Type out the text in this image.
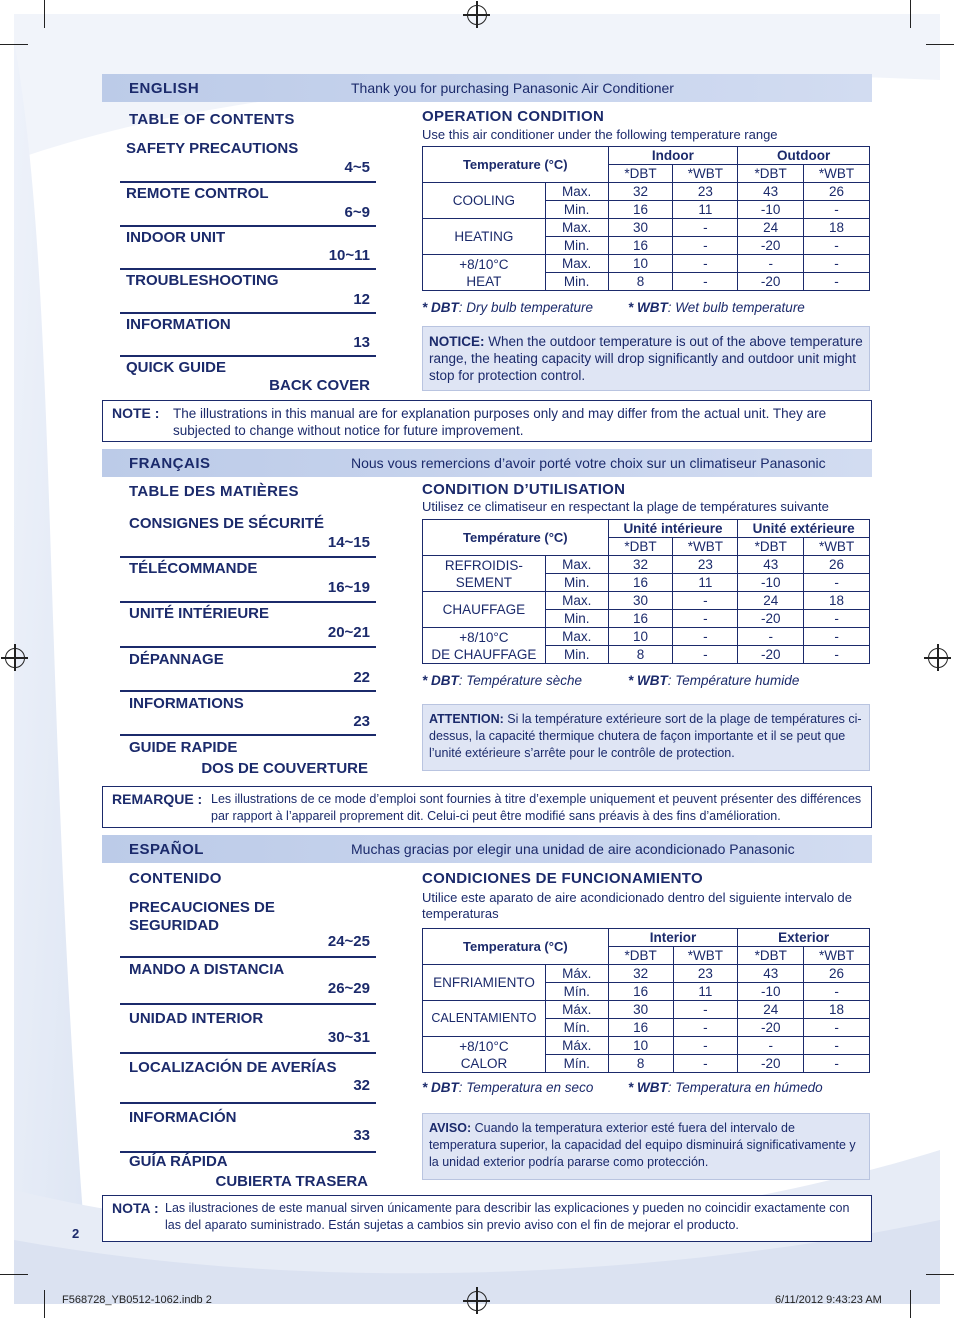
ENGLISH	Thank you for purchasing Panasonic Air Conditioner
TABLE OF CONTENTS
SAFETY PRECAUTIONS
4~5
REMOTE CONTROL
6~9
INDOOR UNIT
10~11
TROUBLESHOOTING
12
INFORMATION
13
QUICK GUIDE
BACK COVER
OPERATION CONDITION
Use this air conditioner under the following temperature range
Temperature (°C)		Indoor		Outdoor	
		*DBT	*WBT	*DBT	*WBT
COOLING	Max.	32	23	43	26
	Min.	16	11	-10	-
HEATING	Max.	30	-	24	18
	Min.	16	-	-20	-
+8/10°C
HEAT	Max.	10	-	-	-
	Min.	8	-	-20	-
* DBT: Dry bulb temperature	* WBT: Wet bulb temperature
NOTICE: When the outdoor temperature is out of the above temperature range, the heating capacity will drop significantly and outdoor unit might stop for protection control.
NOTE : The illustrations in this manual are for explanation purposes only and may differ from the actual unit. They are subjected to change without notice for future improvement.
FRANÇAIS	Nous vous remercions d’avoir porté votre choix sur un climatiseur Panasonic
TABLE DES MATIÈRES
CONSIGNES DE SÉCURITÉ
14~15
TÉLÉCOMMANDE
16~19
UNITÉ INTÉRIEURE
20~21
DÉPANNAGE
22
INFORMATIONS
23
GUIDE RAPIDE
DOS DE COUVERTURE
CONDITION D’UTILISATION
Utilisez ce climatiseur en respectant la plage de températures suivante
Température (°C)		Unité intérieure		Unité extérieure	
		*DBT	*WBT	*DBT	*WBT
REFROIDIS-
SEMENT	Max.	32	23	43	26
	Min.	16	11	-10	-
CHAUFFAGE	Max.	30	-	24	18
	Min.	16	-	-20	-
+8/10°C
DE CHAUFFAGE	Max.	10	-	-	-
	Min.	8	-	-20	-
* DBT: Température sèche	* WBT: Température humide
ATTENTION: Si la température extérieure sort de la plage de températures ci-dessus, la capacité thermique chutera de façon importante et il se peut que l’unité extérieure s’arrête pour le contrôle de protection.
REMARQUE : Les illustrations de ce mode d’emploi sont fournies à titre d’exemple uniquement et peuvent présenter des différences par rapport à l’appareil proprement dit. Celui-ci peut être modifié sans préavis à des fins d’amélioration.
ESPAÑOL	Muchas gracias por elegir una unidad de aire acondicionado Panasonic
CONTENIDO
PRECAUCIONES DE
SEGURIDAD
24~25
MANDO A DISTANCIA
26~29
UNIDAD INTERIOR
30~31
LOCALIZACIÓN DE AVERÍAS
32
INFORMACIÓN
33
GUÍA RÁPIDA
CUBIERTA TRASERA
CONDICIONES DE FUNCIONAMIENTO
Utilice este aparato de aire acondicionado dentro del siguiente intervalo de temperaturas
Temperatura (°C)		Interior		Exterior	
		*DBT	*WBT	*DBT	*WBT
ENFRIAMIENTO	Máx.	32	23	43	26
	Mín.	16	11	-10	-
CALENTAMIENTO	Máx.	30	-	24	18
	Mín.	16	-	-20	-
+8/10°C
CALOR	Máx.	10	-	-	-
	Mín.	8	-	-20	-
* DBT: Temperatura en seco	* WBT: Temperatura en húmedo
AVISO: Cuando la temperatura exterior esté fuera del intervalo de temperatura superior, la capacidad del equipo disminuirá significativamente y la unidad exterior podría pararse como protección.
NOTA : Las ilustraciones de este manual sirven únicamente para describir las explicaciones y pueden no coincidir exactamente con las del aparato suministrado. Están sujetas a cambios sin previo aviso con el fin de mejorar el producto.
2
F568728_YB0512-1062.indb 2	6/11/2012 9:43:23 AM
